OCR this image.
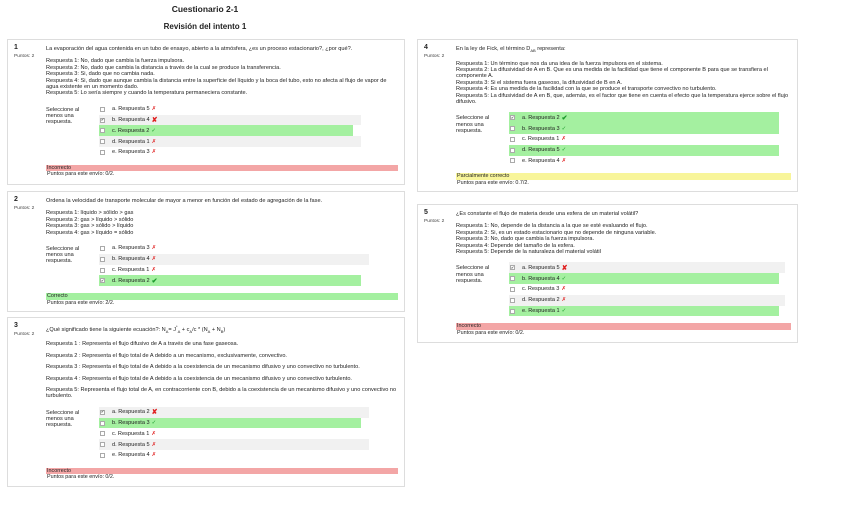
Cuestionario 2-1
Revisión del intento 1
1
Puntos: 2

La evaporación del agua contenida en un tubo de ensayo, abierto a la atmósfera, ¿es un proceso estacionario?, ¿por qué?.

Respuesta 1: No, dado que cambia la fuerza impulsora.

Respuesta 2: No, dado que cambia la distancia a través de la cual se produce la transferencia.

Respuesta 3: Si, dado que no cambia nada.

Respuesta 4: Si, dado que aunque cambia la distancia entre la superficie del líquido y la boca del tubo, esto no afecta al flujo de vapor de agua existente en un momento dado.

Respuesta 5: Lo sería siempre y cuando la temperatura permaneciera constante.

Seleccione al menos una respuesta.
a. Respuesta 5 ✗
✔ b. Respuesta 4 ✘
c. Respuesta 2 ✓
d. Respuesta 1 ✗
e. Respuesta 3 ✗
Incorrecto
Puntos para este envío: 0/2.
2
Puntos: 2

Ordena la velocidad de transporte molecular de mayor a menor en función del estado de agregación de la fase.

Respuesta 1: líquido > sólido > gas

Respuesta 2: gas > líquido > sólido

Respuesta 3: gas > sólido > líquido

Respuesta 4: gas > líquido = sólido

Seleccione al menos una respuesta.
a. Respuesta 3 ✗
b. Respuesta 4 ✗
c. Respuesta 1 ✗
✔ d. Respuesta 2 ✔
Correcto
Puntos para este envío: 2/2.
3
Puntos: 2

¿Qué significado tiene la siguiente ecuación?: $N_A= J^*_A + c_A/c * (N_A + N_B)$

Respuesta 1 : Representa el flujo difusivo de A a través de una fase gaseosa.

Respuesta 2 : Representa el flujo total de A debido a un mecanismo, exclusivamente, convectivo.

Respuesta 3 : Representa el flujo total de A debido a la coexistencia de un mecanismo difusivo y uno convectivo no turbulento.

Respuesta 4 : Representa el flujo total de A debido a la coexistencia de un mecanismo difusivo y uno convectivo turbulento.

Respuesta 5: Representa el flujo total de A, en contracorriente con B, debido a la coexistencia de un mecanismo difusivo y uno convectivo no turbulento.

Seleccione al menos una respuesta.
✔ a. Respuesta 2 ✘
b. Respuesta 3 ✓
c. Respuesta 1 ✗
d. Respuesta 5 ✗
e. Respuesta 4 ✗
Incorrecto
Puntos para este envío: 0/2.
4
Puntos: 2

En la ley de Fick, el término $D_{AB}$ representa:

Respuesta 1: Un término que nos da una idea de la fuerza impulsora en el sistema.

Respuesta 2: La difusividad de A en B. Que es una medida de la facilidad que tiene el componente B para que se transfiera el componente A.

Respuesta 3: Si el sistema fuera gaseoso, la difusividad de B en A.

Respuesta 4: Es una medida de la facilidad con la que se produce el transporte convectivo no turbulento.

Respuesta 5: La difusividad de A en B, que, además, es el factor que tiene en cuenta el efecto que la temperatura ejerce sobre el flujo difusivo.

Seleccione al menos una respuesta.
✔ a. Respuesta 2 ✔
b. Respuesta 3 ✓
c. Respuesta 1 ✗
d. Respuesta 5 ✓
e. Respuesta 4 ✗
Parcialmente correcto
Puntos para este envío: 0.7/2.
5
Puntos: 2

¿Es constante el flujo de materia desde una esfera de un material volátil?

Respuesta 1: No, depende de la distancia a la que se esté evaluando el flujo.

Respuesta 2: Si, es un estado estacionario que no depende de ninguna variable.

Respuesta 3: No, dado que cambia la fuerza impulsora.

Respuesta 4: Depende del tamaño de la esfera.

Respuesta 5: Depende de la naturaleza del material volátil

Seleccione al menos una respuesta.
✔ a. Respuesta 5 ✘
b. Respuesta 4 ✓
c. Respuesta 3 ✗
d. Respuesta 2 ✗
e. Respuesta 1 ✓
Incorrecto
Puntos para este envío: 0/2.
